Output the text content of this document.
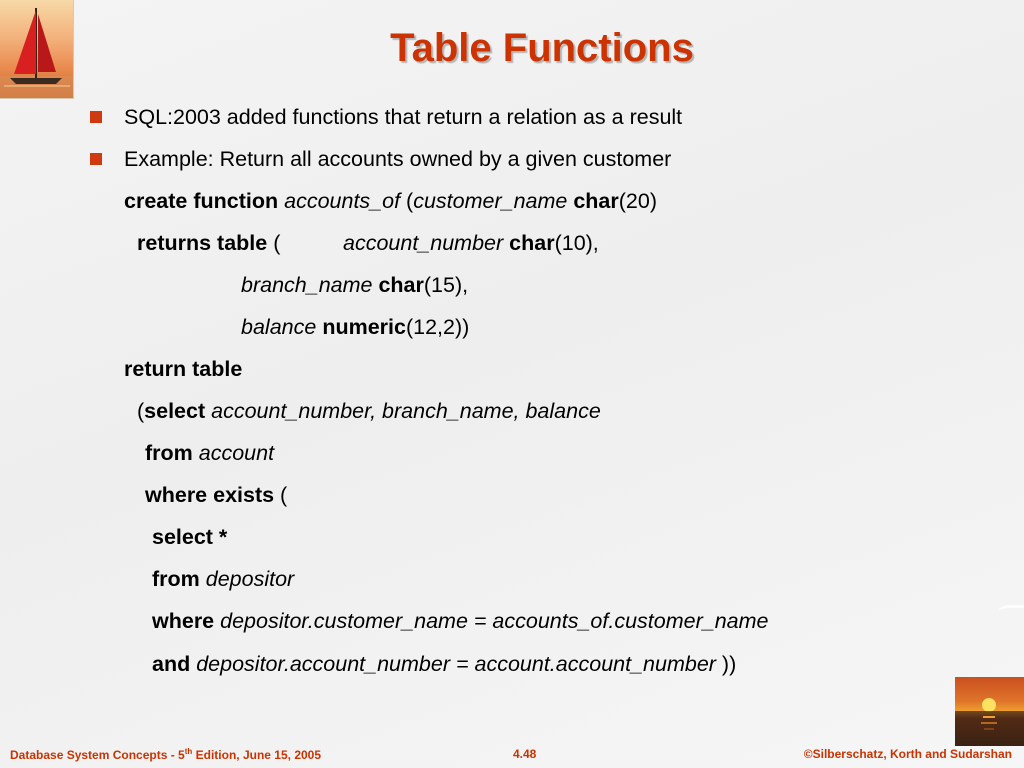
Table Functions
SQL:2003 added functions that return a relation as a result
Example: Return all accounts owned by a given customer
create function accounts_of (customer_name char(20)
returns table (	account_number char(10),
branch_name char(15),
balance numeric(12,2))
return table
(select account_number, branch_name, balance
from account
where exists (
select *
from depositor
where depositor.customer_name = accounts_of.customer_name
and depositor.account_number = account.account_number ))
Database System Concepts - 5th Edition, June 15, 2005	4.48	©Silberschatz, Korth and Sudarshan
